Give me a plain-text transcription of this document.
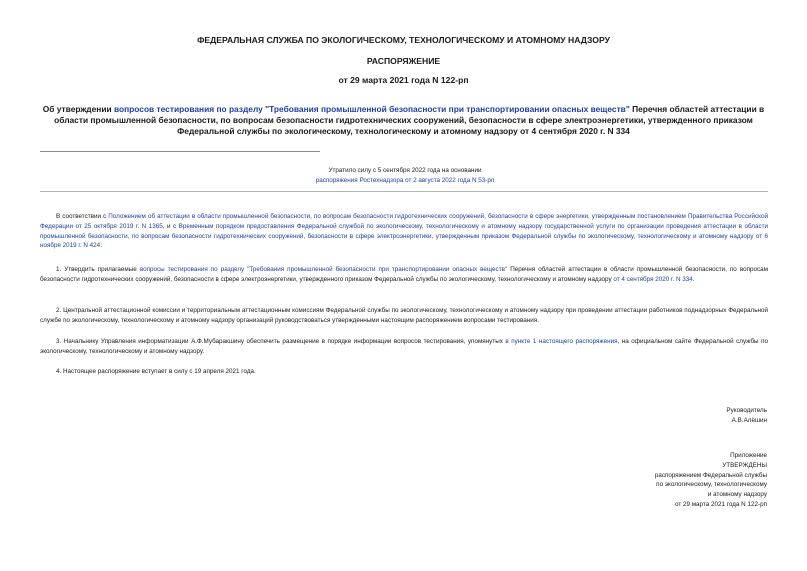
ФЕДЕРАЛЬНАЯ СЛУЖБА ПО ЭКОЛОГИЧЕСКОМУ, ТЕХНОЛОГИЧЕСКОМУ И АТОМНОМУ НАДЗОРУ
РАСПОРЯЖЕНИЕ
от 29 марта 2021 года N 122-рп
Об утверждении вопросов тестирования по разделу "Требования промышленной безопасности при транспортировании опасных веществ" Перечня областей аттестации в области промышленной безопасности, по вопросам безопасности гидротехнических сооружений, безопасности в сфере электроэнергетики, утвержденного приказом Федеральной службы по экологическому, технологическому и атомному надзору от 4 сентября 2020 г. N 334
Утратило силу с 5 сентября 2022 года на основании
распоряжения Ростехнадзора от 2 августа 2022 года N 53-рп
В соответствии с Положением об аттестации в области промышленной безопасности, по вопросам безопасности гидротехнических сооружений, безопасности в сфере энергетики, утвержденным постановлением Правительства Российской Федерации от 25 октября 2019 г. N 1365, и с Временным порядком предоставления Федеральной службой по экологическому, технологическому и атомному надзору государственной услуги по организации проведения аттестации в области промышленной безопасности, по вопросам безопасности гидротехнических сооружений, безопасности в сфере электроэнергетики, утвержденным приказом Федеральной службы по экологическому, технологическому и атомному надзору от 6 ноября 2019 г. N 424:
1. Утвердить прилагаемые вопросы тестирования по разделу "Требования промышленной безопасности при транспортировании опасных веществ" Перечня областей аттестации в области промышленной безопасности, по вопросам безопасности гидротехнических сооружений, безопасности в сфере электроэнергетики, утвержденного приказом Федеральной службы по экологическому, технологическому и атомному надзору от 4 сентября 2020 г. N 334.
2. Центральной аттестационной комиссии и территориальным аттестационным комиссиям Федеральной службы по экологическому, технологическому и атомному надзору при проведении аттестации работников поднадзорных Федеральной службе по экологическому, технологическому и атомному надзору организаций руководствоваться утвержденными настоящим распоряжением вопросами тестирования.
3. Начальнику Управления информатизации А.Ф.Мубаракшину обеспечить размещение в порядке информации вопросов тестирования, упомянутых в пункте 1 настоящего распоряжения, на официальном сайте Федеральной службы по экологическому, технологическому и атомному надзору.
4. Настоящее распоряжение вступает в силу с 19 апреля 2021 года.
Руководитель
А.В.Алёшин
Приложение
УТВЕРЖДЕНЫ
распоряжением Федеральной службы
по экологическому, технологическому
и атомному надзору
от 29 марта 2021 года N 122-рп
